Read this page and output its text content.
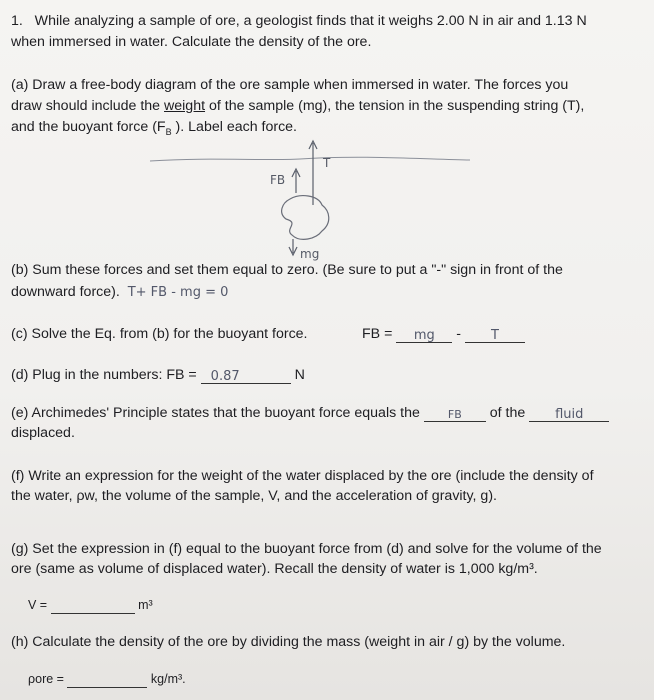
1. While analyzing a sample of ore, a geologist finds that it weighs 2.00 N in air and 1.13 N
when immersed in water. Calculate the density of the ore.
(a) Draw a free-body diagram of the ore sample when immersed in water. The forces you
draw should include the weight of the sample (mg), the tension in the suspending string (T),
and the buoyant force ($F_B$ ). Label each force.
FB
T
mg
(b) Sum these forces and set them equal to zero. (Be sure to put a "-" sign in front of the
downward force). T+ FB - mg = 0
(c) Solve the Eq. from (b) for the buoyant force.	FB = mg - T
(d) Plug in the numbers: FB = 0.87	N
(e) Archimedes' Principle states that the buoyant force equals the	FB of the fluid
displaced.
(f) Write an expression for the weight of the water displaced by the ore (include the density of
the water, ρw, the volume of the sample, V, and the acceleration of gravity, g).
(g) Set the expression in (f) equal to the buoyant force from (d) and solve for the volume of the
ore (same as volume of displaced water). Recall the density of water is 1,000 kg/m³.
V =	m³
(h) Calculate the density of the ore by dividing the mass (weight in air / g) by the volume.
ρore =	kg/m³.
